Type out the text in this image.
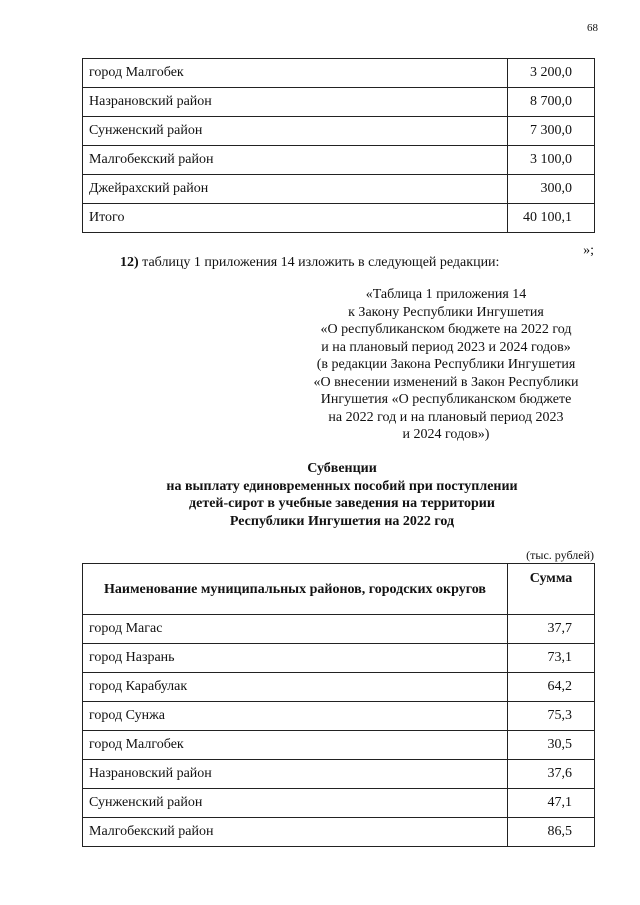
68
город Малгобек	3 200,0
Назрановский район	8 700,0
Сунженский район	7 300,0
Малгобекский район	3 100,0
Джейрахский район	300,0
Итого	40 100,1
»;
12) таблицу 1 приложения 14 изложить в следующей редакции:
«Таблица 1 приложения 14
к Закону Республики Ингушетия
«О республиканском бюджете на 2022 год
и на плановый период 2023 и 2024 годов»
(в редакции Закона Республики Ингушетия
«О внесении изменений в Закон Республики
Ингушетия «О республиканском бюджете
на 2022 год и на плановый период 2023
и 2024 годов»)
Субвенции
на выплату единовременных пособий при поступлении
детей-сирот в учебные заведения на территории
Республики Ингушетия на 2022 год
(тыс. рублей)
Наименование муниципальных районов, городских округов	Сумма
город Магас	37,7
город Назрань	73,1
город Карабулак	64,2
город Сунжа	75,3
город Малгобек	30,5
Назрановский район	37,6
Сунженский район	47,1
Малгобекский район	86,5
